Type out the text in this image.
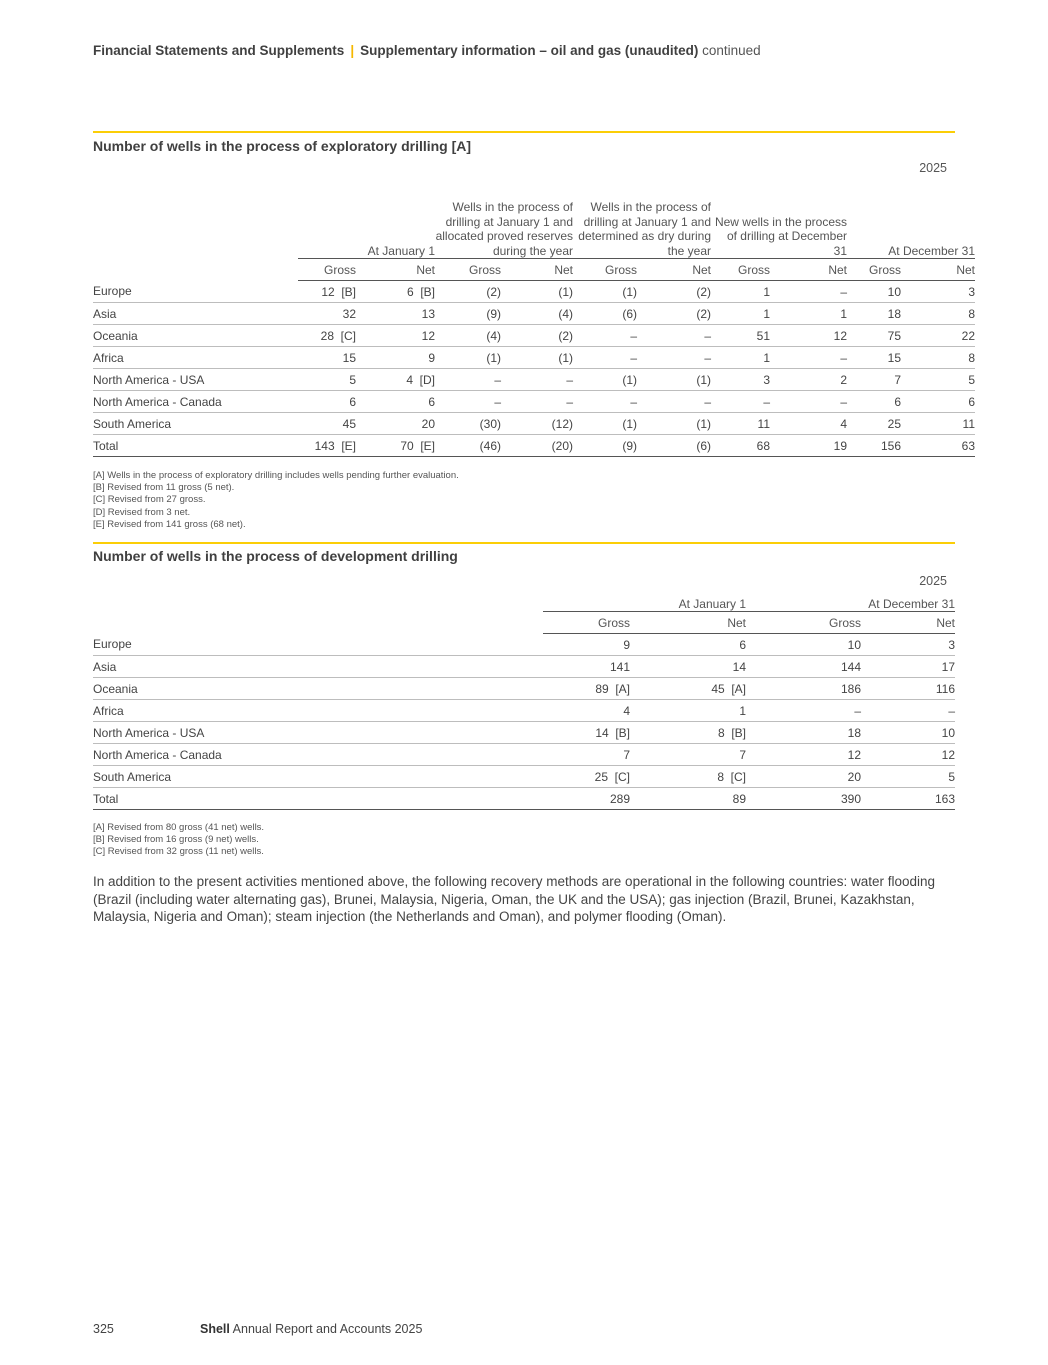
Financial Statements and Supplements | Supplementary information – oil and gas (unaudited) continued
Number of wells in the process of exploratory drilling [A]
2025
	At January 1		Wells in the process of drilling at January 1 and allocated proved reserves during the year		Wells in the process of drilling at January 1 and determined as dry during the year		New wells in the process of drilling at December 31		At December 31	
	Gross	Net	Gross	Net	Gross	Net	Gross	Net	Gross	Net
Europe	12  [B]	6  [B]	(2)	(1)	(1)	(2)	1	–	10	3
Asia	32	13	(9)	(4)	(6)	(2)	1	1	18	8
Oceania	28  [C]	12	(4)	(2)	–	–	51	12	75	22
Africa	15	9	(1)	(1)	–	–	1	–	15	8
North America - USA	5	4  [D]	–	–	(1)	(1)	3	2	7	5
North America - Canada	6	6	–	–	–	–	–	–	6	6
South America	45	20	(30)	(12)	(1)	(1)	11	4	25	11
Total	143  [E]	70  [E]	(46)	(20)	(9)	(6)	68	19	156	63
[A] Wells in the process of exploratory drilling includes wells pending further evaluation.
[B] Revised from 11 gross (5 net).
[C] Revised from 27 gross.
[D] Revised from 3 net.
[E] Revised from 141 gross (68 net).
Number of wells in the process of development drilling
2025
	At January 1		At December 31	
	Gross	Net	Gross	Net
Europe	9	6	10	3
Asia	141	14	144	17
Oceania	89  [A]	45  [A]	186	116
Africa	4	1	–	–
North America - USA	14  [B]	8  [B]	18	10
North America - Canada	7	7	12	12
South America	25  [C]	8  [C]	20	5
Total	289	89	390	163
[A] Revised from 80 gross (41 net) wells.
[B] Revised from 16 gross (9 net) wells.
[C] Revised from 32 gross (11 net) wells.
In addition to the present activities mentioned above, the following recovery methods are operational in the following countries: water flooding (Brazil (including water alternating gas), Brunei, Malaysia, Nigeria, Oman, the UK and the USA); gas injection (Brazil, Brunei, Kazakhstan, Malaysia, Nigeria and Oman); steam injection (the Netherlands and Oman), and polymer flooding (Oman).
325	Shell Annual Report and Accounts 2025
